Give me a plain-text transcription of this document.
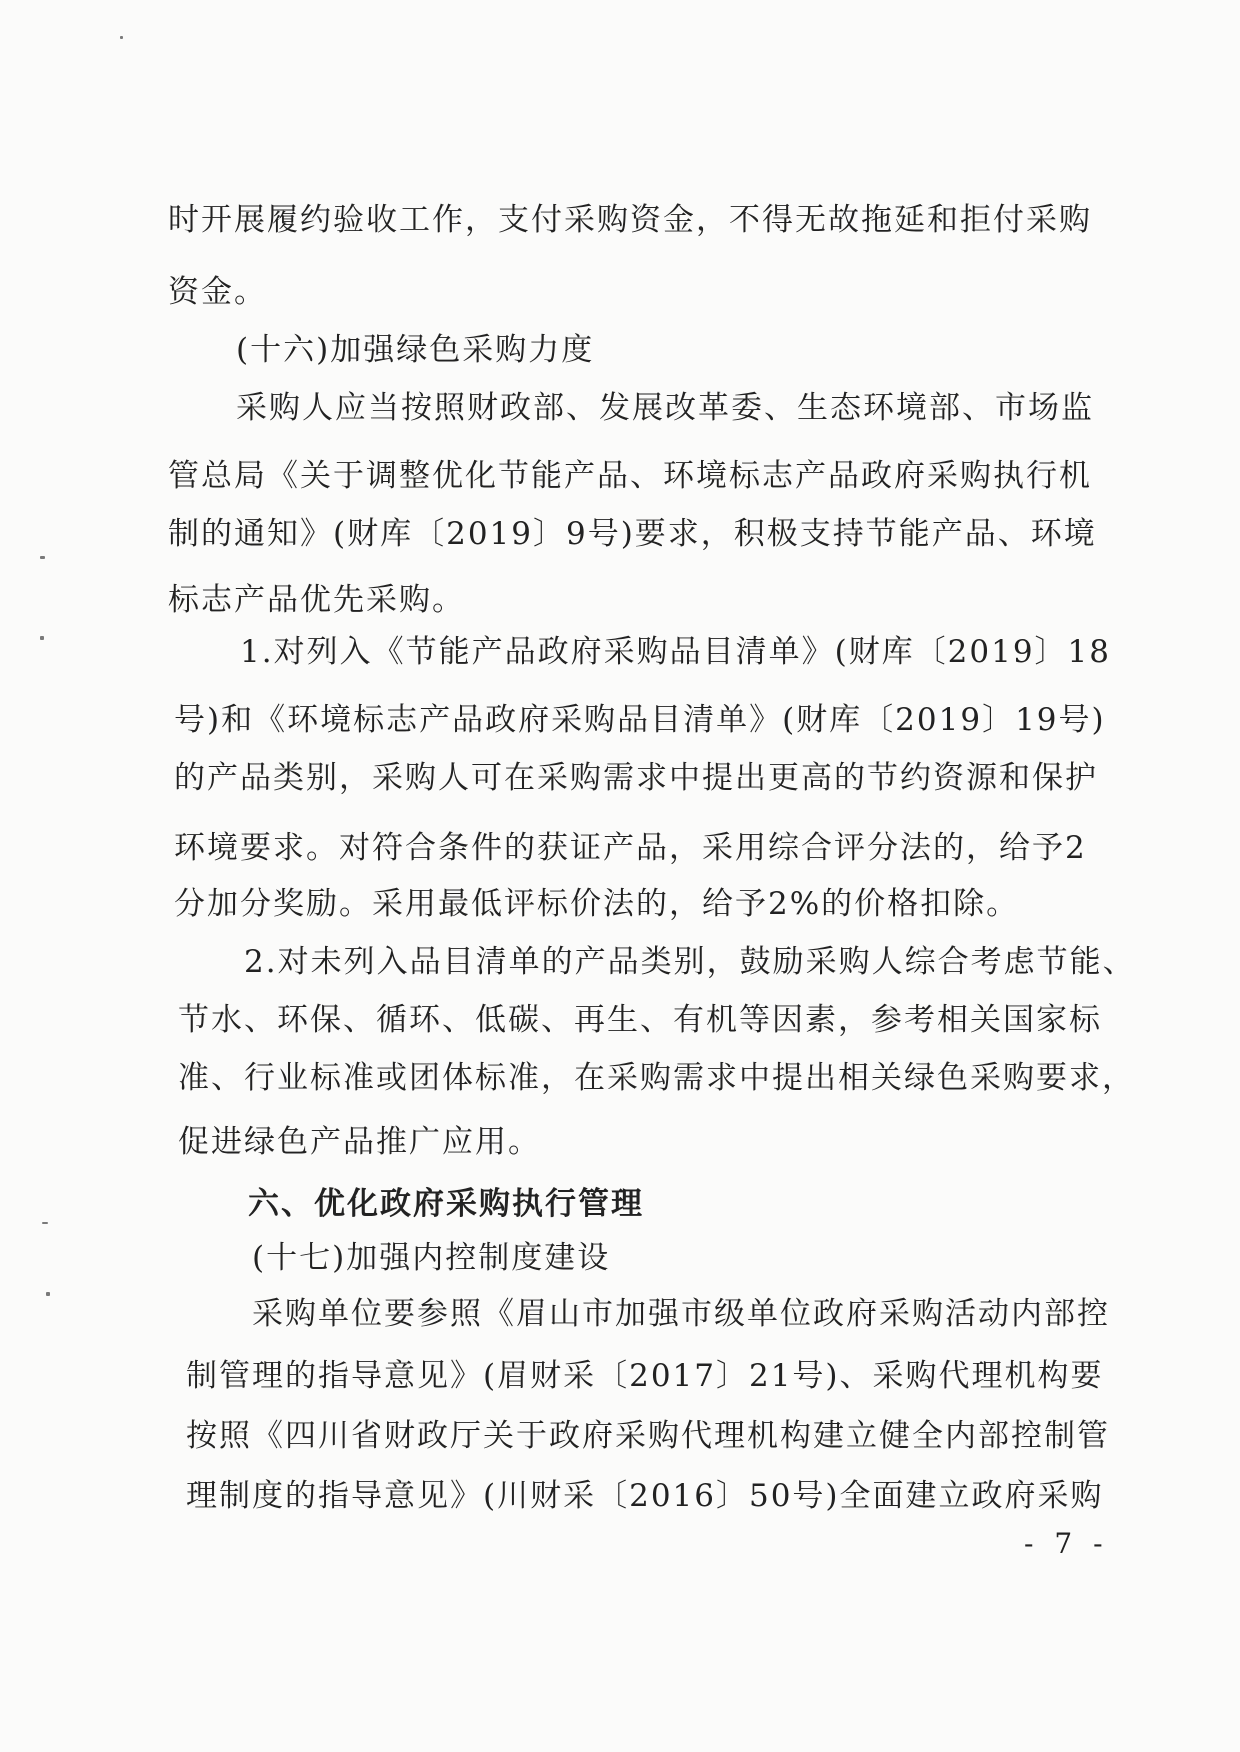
时开展履约验收工作，支付采购资金，不得无故拖延和拒付采购
资金。
(十六)加强绿色采购力度
采购人应当按照财政部、发展改革委、生态环境部、市场监
管总局《关于调整优化节能产品、环境标志产品政府采购执行机
制的通知》(财库〔2019〕9号)要求，积极支持节能产品、环境
标志产品优先采购。
1.对列入《节能产品政府采购品目清单》(财库〔2019〕18
号)和《环境标志产品政府采购品目清单》(财库〔2019〕19号)
的产品类别，采购人可在采购需求中提出更高的节约资源和保护
环境要求。对符合条件的获证产品，采用综合评分法的，给予2
分加分奖励。采用最低评标价法的，给予2%的价格扣除。
2.对未列入品目清单的产品类别，鼓励采购人综合考虑节能、
节水、环保、循环、低碳、再生、有机等因素，参考相关国家标
准、行业标准或团体标准，在采购需求中提出相关绿色采购要求，
促进绿色产品推广应用。
六、优化政府采购执行管理
(十七)加强内控制度建设
采购单位要参照《眉山市加强市级单位政府采购活动内部控
制管理的指导意见》(眉财采〔2017〕21号)、采购代理机构要
按照《四川省财政厅关于政府采购代理机构建立健全内部控制管
理制度的指导意见》(川财采〔2016〕50号)全面建立政府采购
- 7 -
